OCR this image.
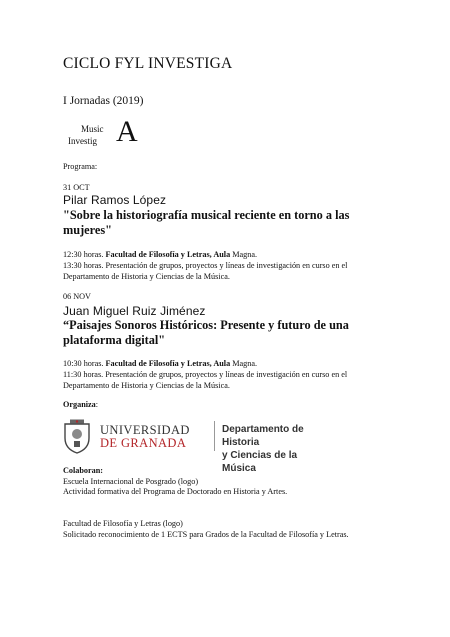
CICLO FYL INVESTIGA
I Jornadas (2019)
Music
Investig A
Programa:
31 OCT
Pilar Ramos López
"Sobre la historiografía musical reciente en torno a las mujeres"
12:30 horas. Facultad de Filosofía y Letras, Aula Magna.
13:30 horas. Presentación de grupos, proyectos y líneas de investigación en curso en el Departamento de Historia y Ciencias de la Música.
06 NOV
Juan Miguel Ruiz Jiménez
“Paisajes Sonoros Históricos: Presente y futuro de una plataforma digital"
10:30 horas. Facultad de Filosofía y Letras, Aula Magna.
11:30 horas. Presentación de grupos, proyectos y líneas de investigación en curso en el Departamento de Historia y Ciencias de la Música.
Organiza:
UNIVERSIDAD
DE GRANADA
Departamento de Historia
y Ciencias de la Música
Colaboran:
Escuela Internacional de Posgrado (logo)
Actividad formativa del Programa de Doctorado en Historia y Artes.
Facultad de Filosofía y Letras (logo)
Solicitado reconocimiento de 1 ECTS para Grados de la Facultad de Filosofía y Letras.
